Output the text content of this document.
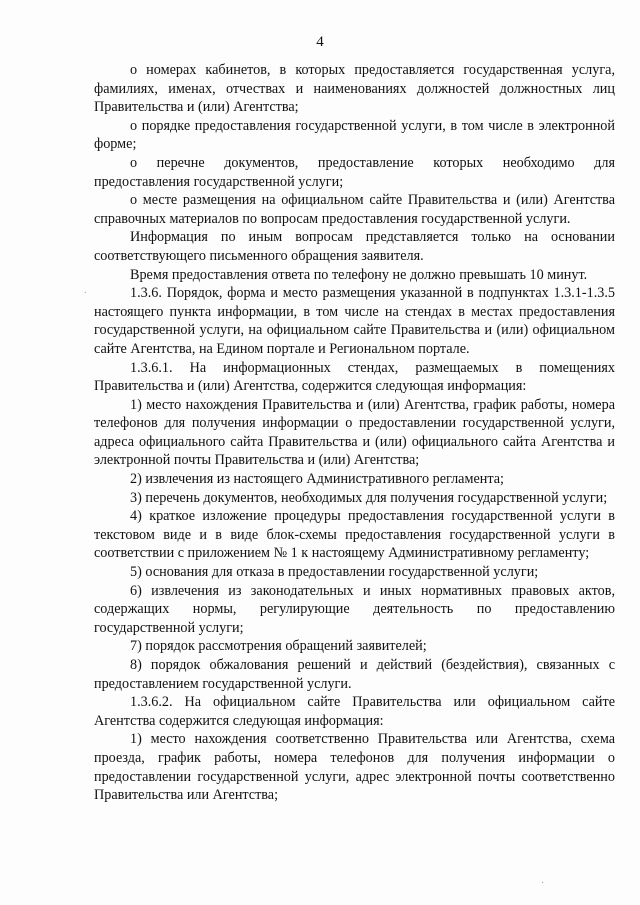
4

о номерах кабинетов, в которых предоставляется государственная услуга, фамилиях, именах, отчествах и наименованиях должностей должностных лиц Правительства и (или) Агентства;

о порядке предоставления государственной услуги, в том числе в электронной форме;

о перечне документов, предоставление которых необходимо для предоставления государственной услуги;

о месте размещения на официальном сайте Правительства и (или) Агентства справочных материалов по вопросам предоставления государственной услуги.

Информация по иным вопросам представляется только на основании соответствующего письменного обращения заявителя.

Время предоставления ответа по телефону не должно превышать 10 минут.

1.3.6. Порядок, форма и место размещения указанной в подпунктах 1.3.1-1.3.5 настоящего пункта информации, в том числе на стендах в местах предоставления государственной услуги, на официальном сайте Правительства и (или) официальном сайте Агентства, на Едином портале и Региональном портале.

1.3.6.1. На информационных стендах, размещаемых в помещениях Правительства и (или) Агентства, содержится следующая информация:

1) место нахождения Правительства и (или) Агентства, график работы, номера телефонов для получения информации о предоставлении государственной услуги, адреса официального сайта Правительства и (или) официального сайта Агентства и электронной почты Правительства и (или) Агентства;

2) извлечения из настоящего Административного регламента;

3) перечень документов, необходимых для получения государственной услуги;

4) краткое изложение процедуры предоставления государственной услуги в текстовом виде и в виде блок-схемы предоставления государственной услуги в соответствии с приложением № 1 к настоящему Административному регламенту;

5) основания для отказа в предоставлении государственной услуги;

6) извлечения из законодательных и иных нормативных правовых актов, содержащих нормы, регулирующие деятельность по предоставлению государственной услуги;

7) порядок рассмотрения обращений заявителей;

8) порядок обжалования решений и действий (бездействия), связанных с предоставлением государственной услуги.

1.3.6.2. На официальном сайте Правительства или официальном сайте Агентства содержится следующая информация:

1) место нахождения соответственно Правительства или Агентства, схема проезда, график работы, номера телефонов для получения информации о предоставлении государственной услуги, адрес электронной почты соответственно Правительства или Агентства;

.
·
